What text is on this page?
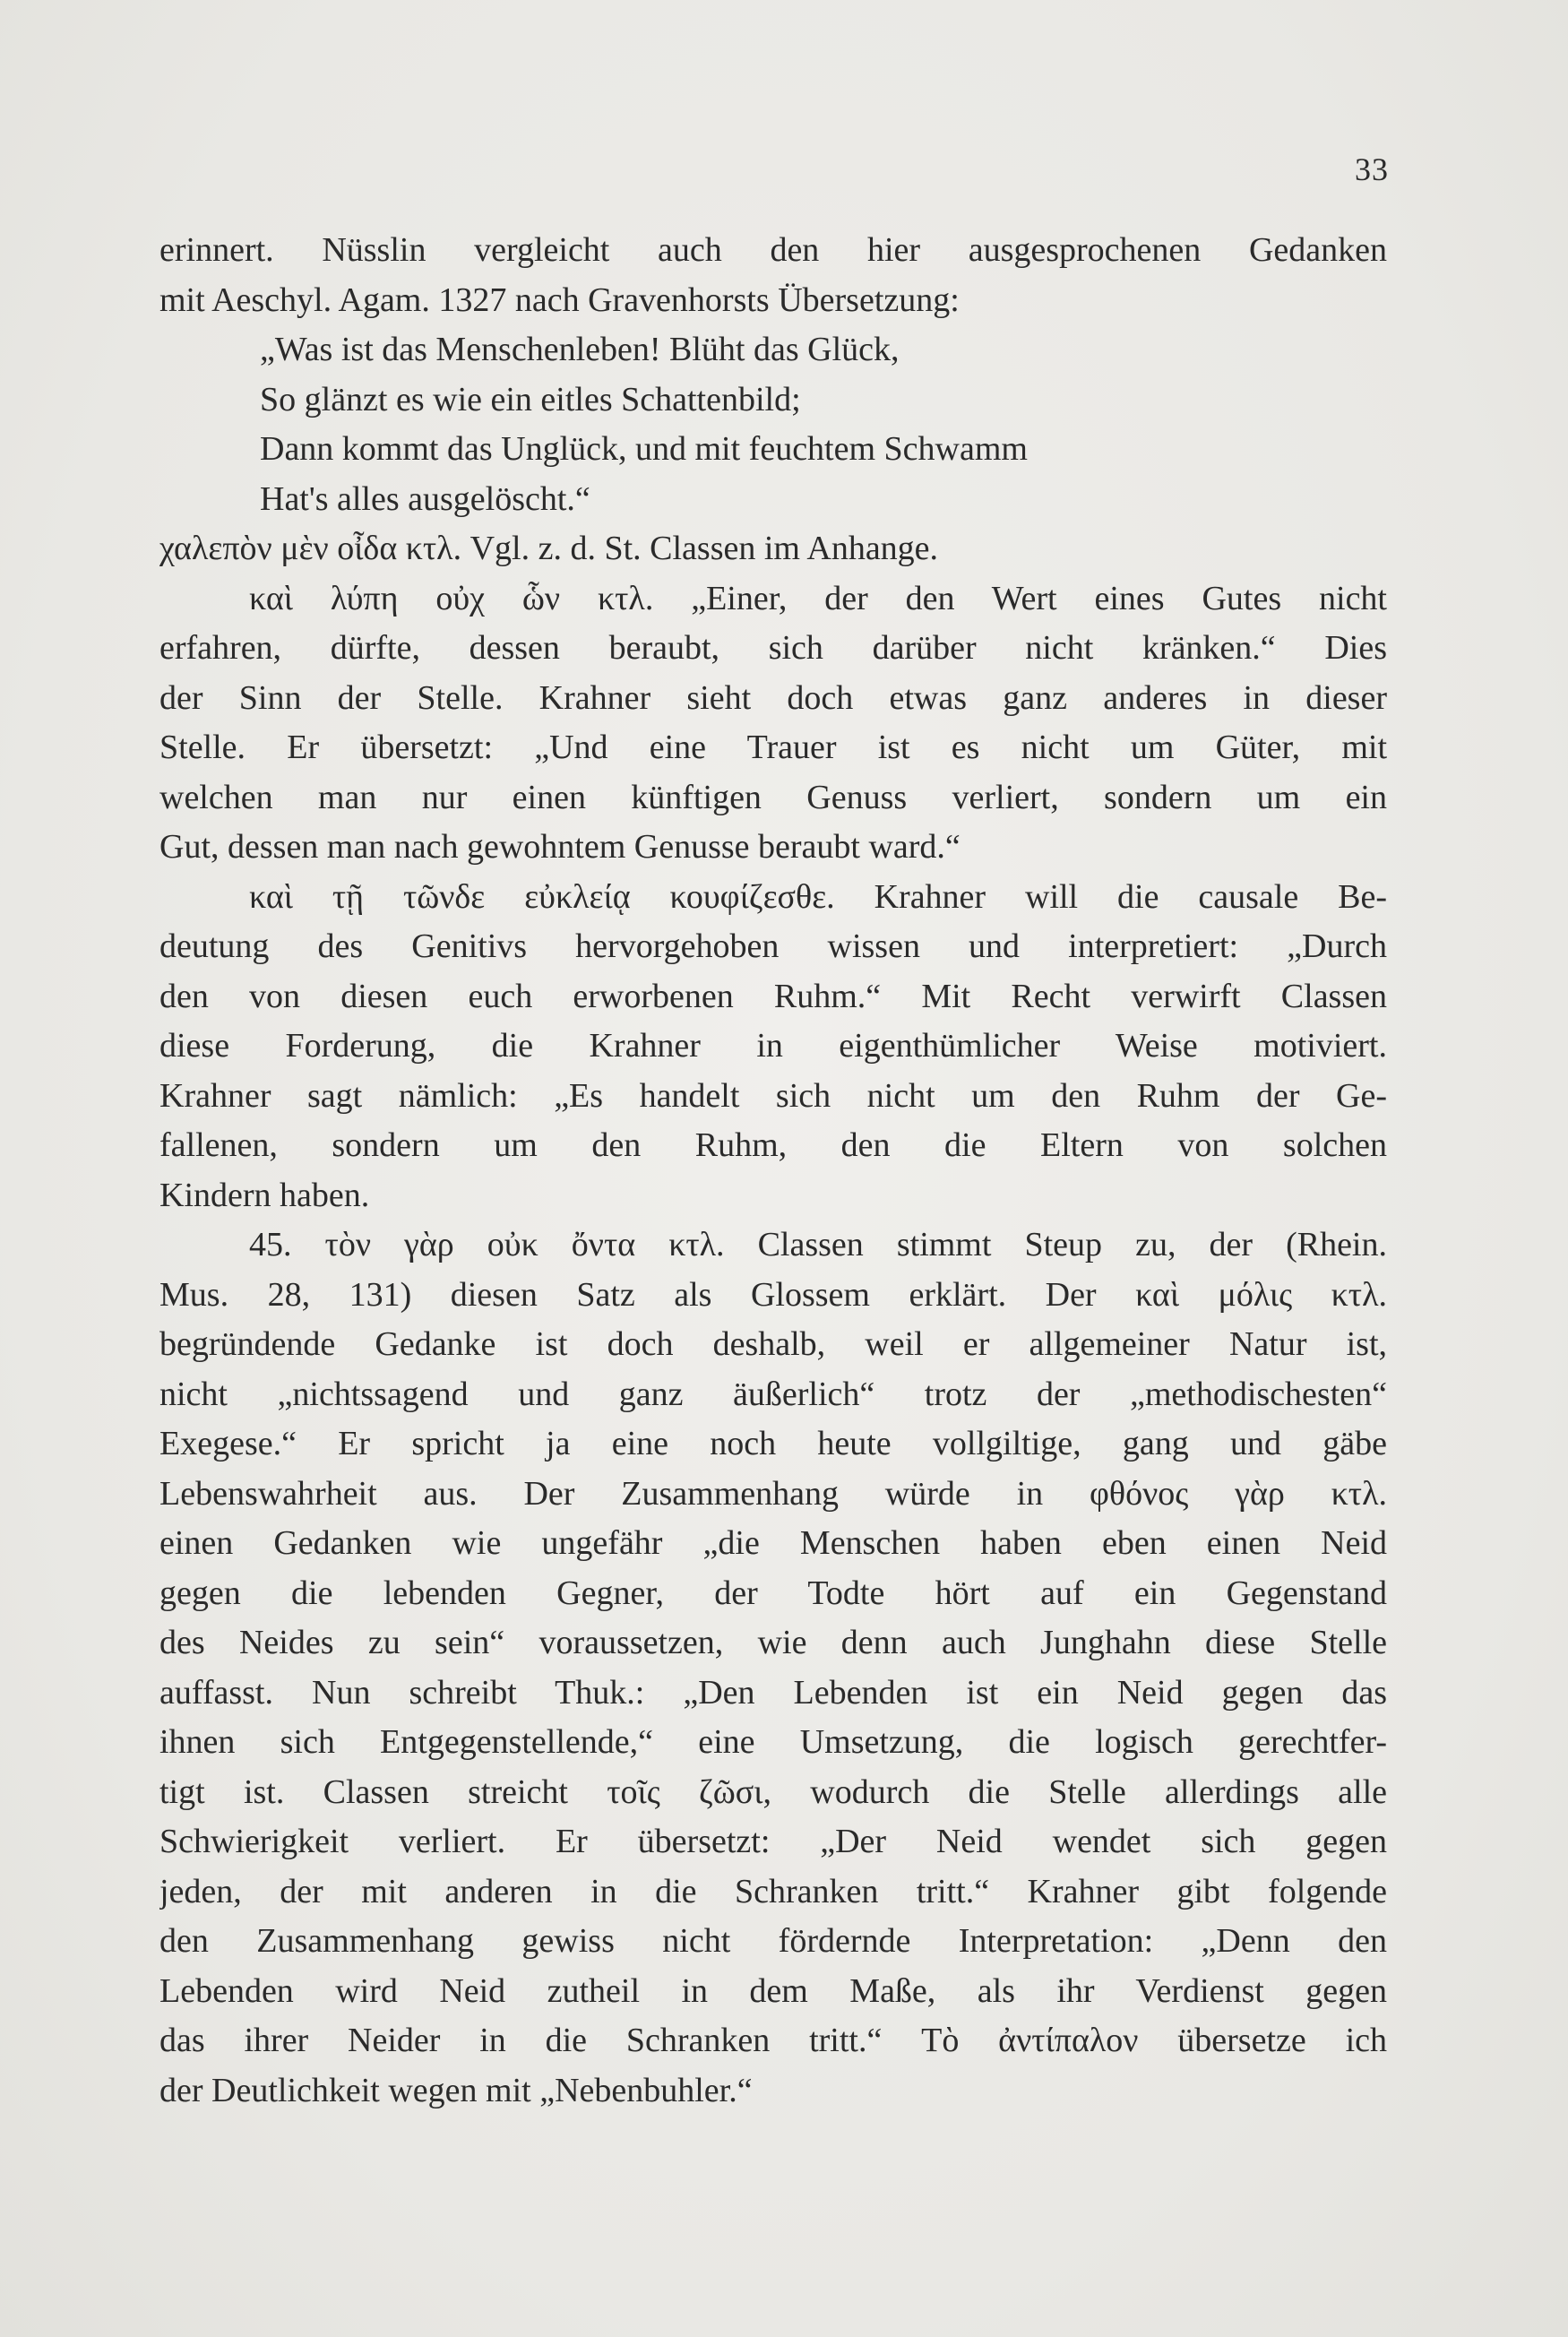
33
erinnert. Nüsslin vergleicht auch den hier ausgesprochenen Gedanken
mit Aeschyl. Agam. 1327 nach Gravenhorsts Übersetzung:
„Was ist das Menschenleben! Blüht das Glück,
So glänzt es wie ein eitles Schattenbild;
Dann kommt das Unglück, und mit feuchtem Schwamm
Hat's alles ausgelöscht.“
χαλεπὸν μὲν οἶδα κτλ. Vgl. z. d. St. Classen im Anhange.
καὶ λύπη οὐχ ὧν κτλ. „Einer, der den Wert eines Gutes nicht
erfahren, dürfte, dessen beraubt, sich darüber nicht kränken.“ Dies
der Sinn der Stelle. Krahner sieht doch etwas ganz anderes in dieser
Stelle. Er übersetzt: „Und eine Trauer ist es nicht um Güter, mit
welchen man nur einen künftigen Genuss verliert, sondern um ein
Gut, dessen man nach gewohntem Genusse beraubt ward.“
καὶ τῇ τῶνδε εὐκλείᾳ κουφίζεσθε. Krahner will die causale Be-
deutung des Genitivs hervorgehoben wissen und interpretiert: „Durch
den von diesen euch erworbenen Ruhm.“ Mit Recht verwirft Classen
diese Forderung, die Krahner in eigenthümlicher Weise motiviert.
Krahner sagt nämlich: „Es handelt sich nicht um den Ruhm der Ge-
fallenen, sondern um den Ruhm, den die Eltern von solchen
Kindern haben.
45. τὸν γὰρ οὐκ ὄντα κτλ. Classen stimmt Steup zu, der (Rhein.
Mus. 28, 131) diesen Satz als Glossem erklärt. Der καὶ μόλις κτλ.
begründende Gedanke ist doch deshalb, weil er allgemeiner Natur ist,
nicht „nichtssagend und ganz äußerlich“ trotz der „methodischesten“
Exegese.“ Er spricht ja eine noch heute vollgiltige, gang und gäbe
Lebenswahrheit aus. Der Zusammenhang würde in φθόνος γὰρ κτλ.
einen Gedanken wie ungefähr „die Menschen haben eben einen Neid
gegen die lebenden Gegner, der Todte hört auf ein Gegenstand
des Neides zu sein“ voraussetzen, wie denn auch Junghahn diese Stelle
auffasst. Nun schreibt Thuk.: „Den Lebenden ist ein Neid gegen das
ihnen sich Entgegenstellende,“ eine Umsetzung, die logisch gerechtfer-
tigt ist. Classen streicht τοῖς ζῶσι, wodurch die Stelle allerdings alle
Schwierigkeit verliert. Er übersetzt: „Der Neid wendet sich gegen
jeden, der mit anderen in die Schranken tritt.“ Krahner gibt folgende
den Zusammenhang gewiss nicht fördernde Interpretation: „Denn den
Lebenden wird Neid zutheil in dem Maße, als ihr Verdienst gegen
das ihrer Neider in die Schranken tritt.“ Τὸ ἀντίπαλον übersetze ich
der Deutlichkeit wegen mit „Nebenbuhler.“
